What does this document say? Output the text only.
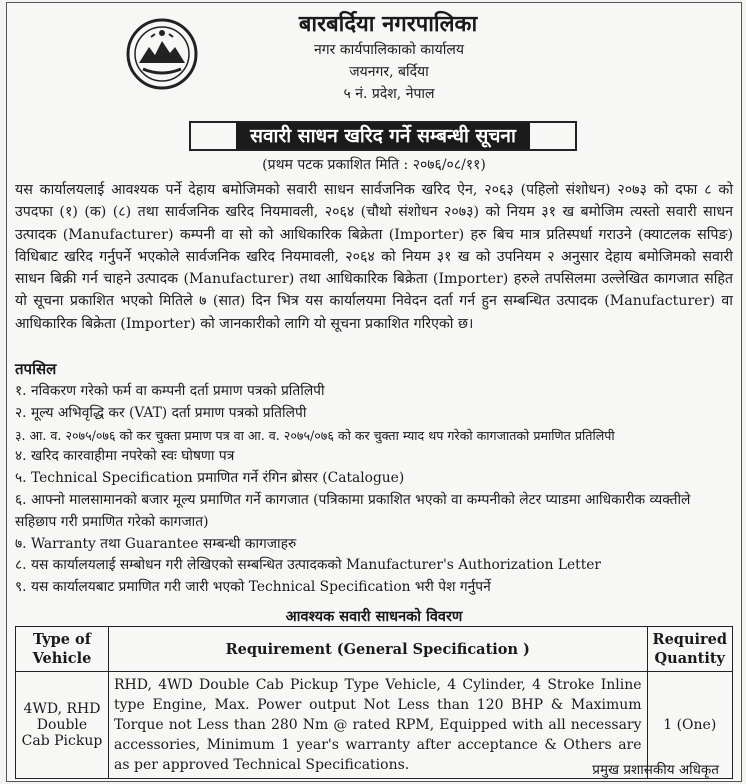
बारबर्दिया नगरपालिका
नगर कार्यपालिकाको कार्यालय
जयनगर, बर्दिया
५ नं. प्रदेश, नेपाल
सवारी साधन खरिद गर्ने सम्बन्धी सूचना
(प्रथम पटक प्रकाशित मिति : २०७६/०८/११)
यस कार्यालयलाई आवश्यक पर्ने देहाय बमोजिमको सवारी साधन सार्वजनिक खरिद ऐन, २०६३ (पहिलो संशोधन) २०७३ को दफा ८ को उपदफा (१) (क) (८) तथा सार्वजनिक खरिद नियमावली, २०६४ (चौथो संशोधन २०७३) को नियम ३१ ख बमोजिम त्यस्तो सवारी साधन उत्पादक (Manufacturer) कम्पनी वा सो को आधिकारिक बिक्रेता (Importer) हरु बिच मात्र प्रतिस्पर्धा गराउने (क्याटलक सपिङ) विधिबाट खरिद गर्नुपर्ने भएकोले सार्वजनिक खरिद नियमावली, २०६४ को नियम ३१ ख को उपनियम २ अनुसार देहाय बमोजिमको सवारी साधन बिक्री गर्न चाहने उत्पादक (Manufacturer) तथा आधिकारिक बिक्रेता (Importer) हरुले तपसिलमा उल्लेखित कागजात सहित यो सूचना प्रकाशित भएको मितिले ७ (सात) दिन भित्र यस कार्यालयमा निवेदन दर्ता गर्न हुन सम्बन्धित उत्पादक (Manufacturer) वा आधिकारिक बिक्रेता (Importer) को जानकारीको लागि यो सूचना प्रकाशित गरिएको छ।
तपसिल
१. नविकरण गरेको फर्म वा कम्पनी दर्ता प्रमाण पत्रको प्रतिलिपी
२. मूल्य अभिवृद्धि कर (VAT) दर्ता प्रमाण पत्रको प्रतिलिपी
३. आ. व. २०७५/०७६ को कर चुक्ता प्रमाण पत्र वा आ. व. २०७५/०७६ को कर चुक्ता म्याद थप गरेको कागजातको प्रमाणित प्रतिलिपी
४. खरिद कारवाहीमा नपरेको स्वः घोषणा पत्र
५. Technical Specification प्रमाणित गर्ने रंगिन ब्रोसर (Catalogue)
६. आफ्नो मालसामानको बजार मूल्य प्रमाणित गर्ने कागजात (पत्रिकामा प्रकाशित भएको वा कम्पनीको लेटर प्याडमा आधिकारीक व्यक्तीले सहिछाप गरी प्रमाणित गरेको कागजात)
७. Warranty तथा Guarantee सम्बन्धी कागजाहरु
८. यस कार्यालयलाई सम्बोधन गरी लेखिएको सम्बन्धित उत्पादकको Manufacturer's Authorization Letter
९. यस कार्यालयबाट प्रमाणित गरी जारी भएको Technical Specification भरी पेश गर्नुपर्ने
आवश्यक सवारी साधनको विवरण
Type of Vehicle	Requirement (General Specification )	Required Quantity
4WD, RHD Double Cab Pickup	RHD, 4WD Double Cab Pickup Type Vehicle, 4 Cylinder, 4 Stroke Inline type Engine, Max. Power output Not Less than 120 BHP & Maximum Torque not Less than 280 Nm @ rated RPM, Equipped with all necessary accessories, Minimum 1 year's warranty after acceptance & Others are as per approved Technical Specifications.	1 (One)
प्रमुख प्रशासकीय अधिकृत
